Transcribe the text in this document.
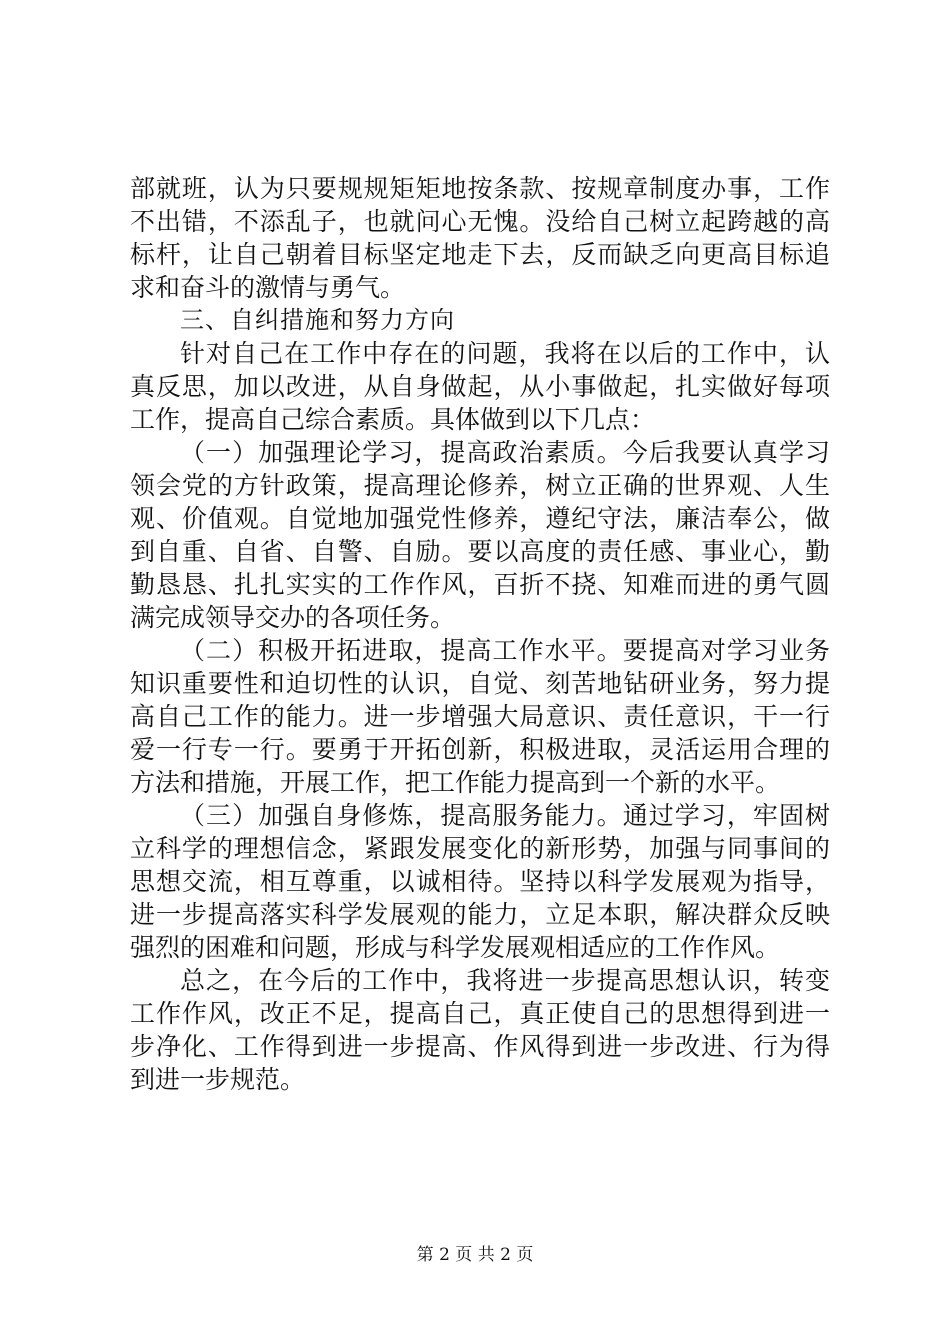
部就班，认为只要规规矩矩地按条款、按规章制度办事，工作
不出错，不添乱子，也就问心无愧。没给自己树立起跨越的高
标杆，让自己朝着目标坚定地走下去，反而缺乏向更高目标追
求和奋斗的激情与勇气。
三、自纠措施和努力方向
针对自己在工作中存在的问题，我将在以后的工作中，认
真反思，加以改进，从自身做起，从小事做起，扎实做好每项
工作，提高自己综合素质。具体做到以下几点：
（一）加强理论学习，提高政治素质。今后我要认真学习
领会党的方针政策，提高理论修养，树立正确的世界观、人生
观、价值观。自觉地加强党性修养，遵纪守法，廉洁奉公，做
到自重、自省、自警、自励。要以高度的责任感、事业心，勤
勤恳恳、扎扎实实的工作作风，百折不挠、知难而进的勇气圆
满完成领导交办的各项任务。
（二）积极开拓进取，提高工作水平。要提高对学习业务
知识重要性和迫切性的认识，自觉、刻苦地钻研业务，努力提
高自己工作的能力。进一步增强大局意识、责任意识，干一行
爱一行专一行。要勇于开拓创新，积极进取，灵活运用合理的
方法和措施，开展工作，把工作能力提高到一个新的水平。
（三）加强自身修炼，提高服务能力。通过学习，牢固树
立科学的理想信念，紧跟发展变化的新形势，加强与同事间的
思想交流，相互尊重，以诚相待。坚持以科学发展观为指导，
进一步提高落实科学发展观的能力，立足本职，解决群众反映
强烈的困难和问题，形成与科学发展观相适应的工作作风。
总之，在今后的工作中，我将进一步提高思想认识，转变
工作作风，改正不足，提高自己，真正使自己的思想得到进一
步净化、工作得到进一步提高、作风得到进一步改进、行为得
到进一步规范。
第 2 页 共 2 页
